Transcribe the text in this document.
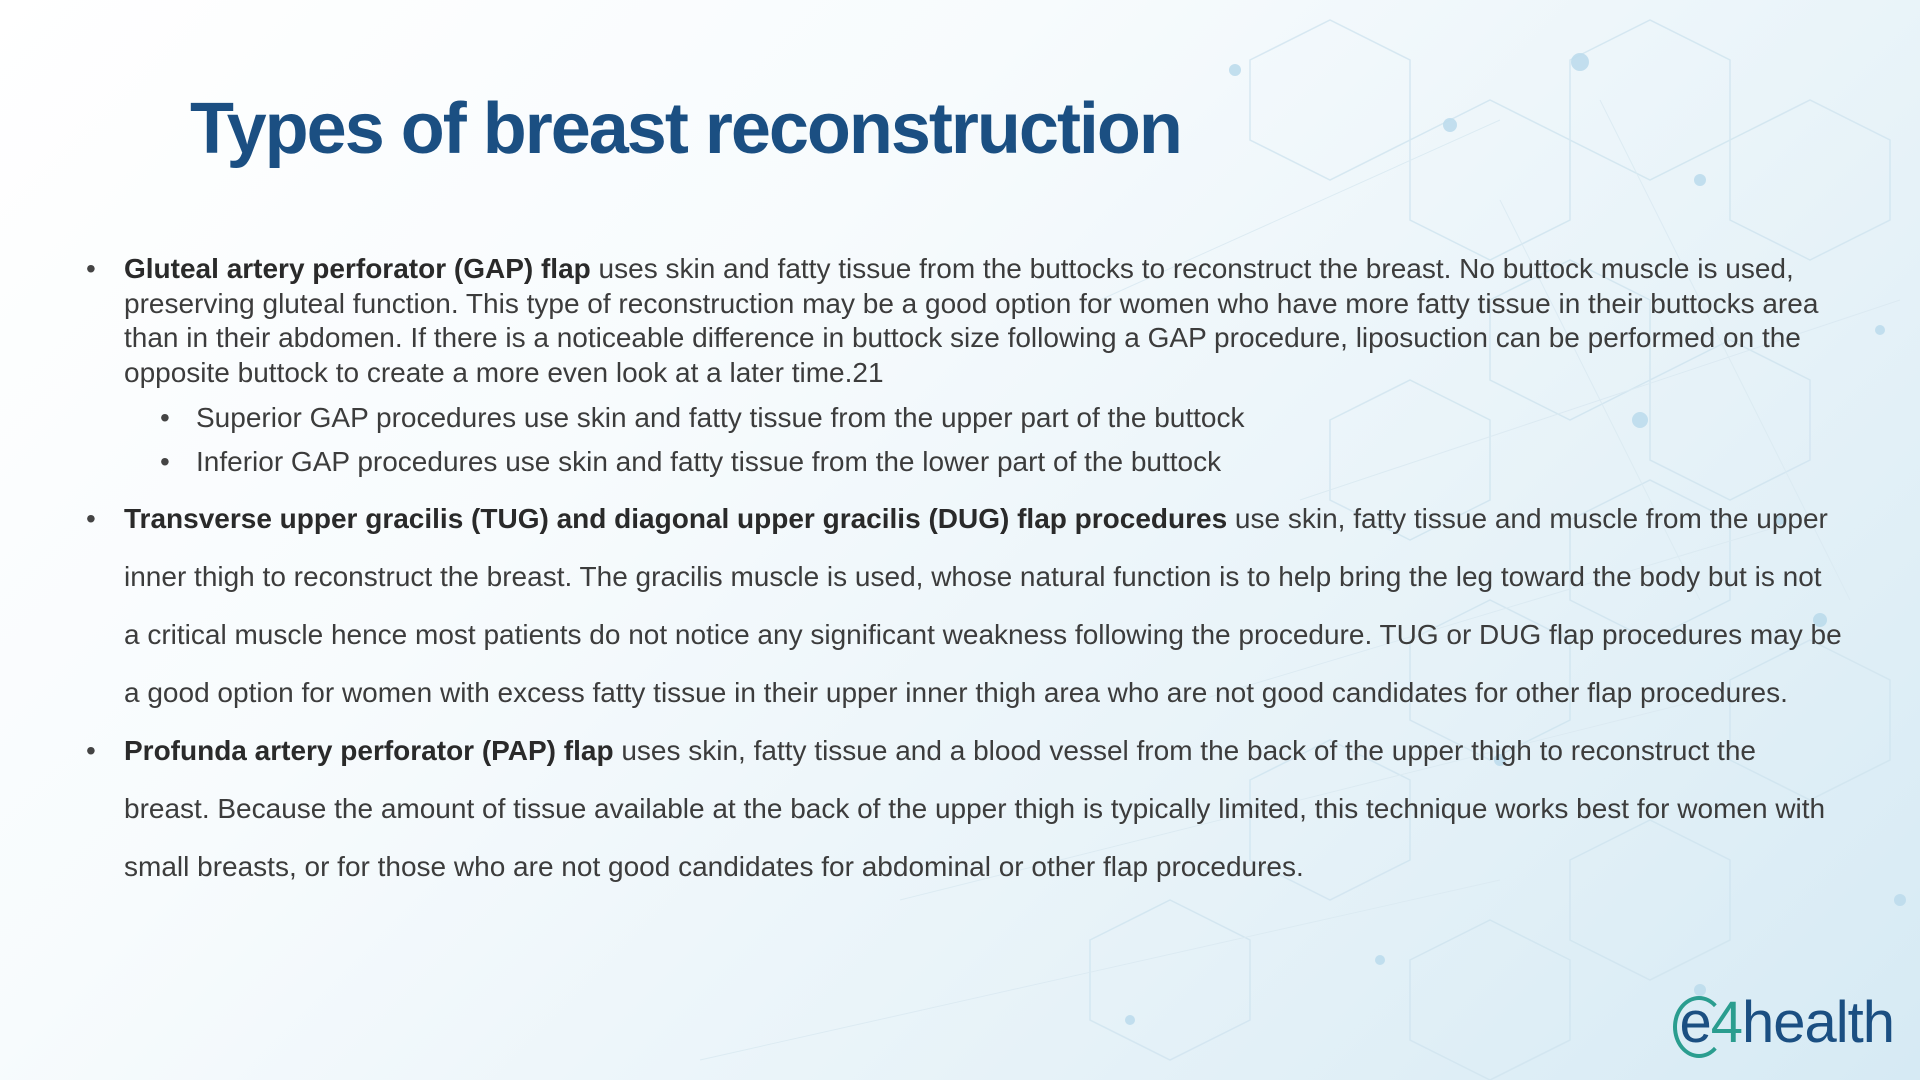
Types of breast reconstruction
• Gluteal artery perforator (GAP) flap uses skin and fatty tissue from the buttocks to reconstruct the breast. No buttock muscle is used, preserving gluteal function. This type of reconstruction may be a good option for women who have more fatty tissue in their buttocks area than in their abdomen. If there is a noticeable difference in buttock size following a GAP procedure, liposuction can be performed on the opposite buttock to create a more even look at a later time.21
• Superior GAP procedures use skin and fatty tissue from the upper part of the buttock
• Inferior GAP procedures use skin and fatty tissue from the lower part of the buttock
• Transverse upper gracilis (TUG) and diagonal upper gracilis (DUG) flap procedures use skin, fatty tissue and muscle from the upper inner thigh to reconstruct the breast. The gracilis muscle is used, whose natural function is to help bring the leg toward the body but is not a critical muscle hence most patients do not notice any significant weakness following the procedure. TUG or DUG flap procedures may be a good option for women with excess fatty tissue in their upper inner thigh area who are not good candidates for other flap procedures.
• Profunda artery perforator (PAP) flap uses skin, fatty tissue and a blood vessel from the back of the upper thigh to reconstruct the breast. Because the amount of tissue available at the back of the upper thigh is typically limited, this technique works best for women with small breasts, or for those who are not good candidates for abdominal or other flap procedures.
e4health
